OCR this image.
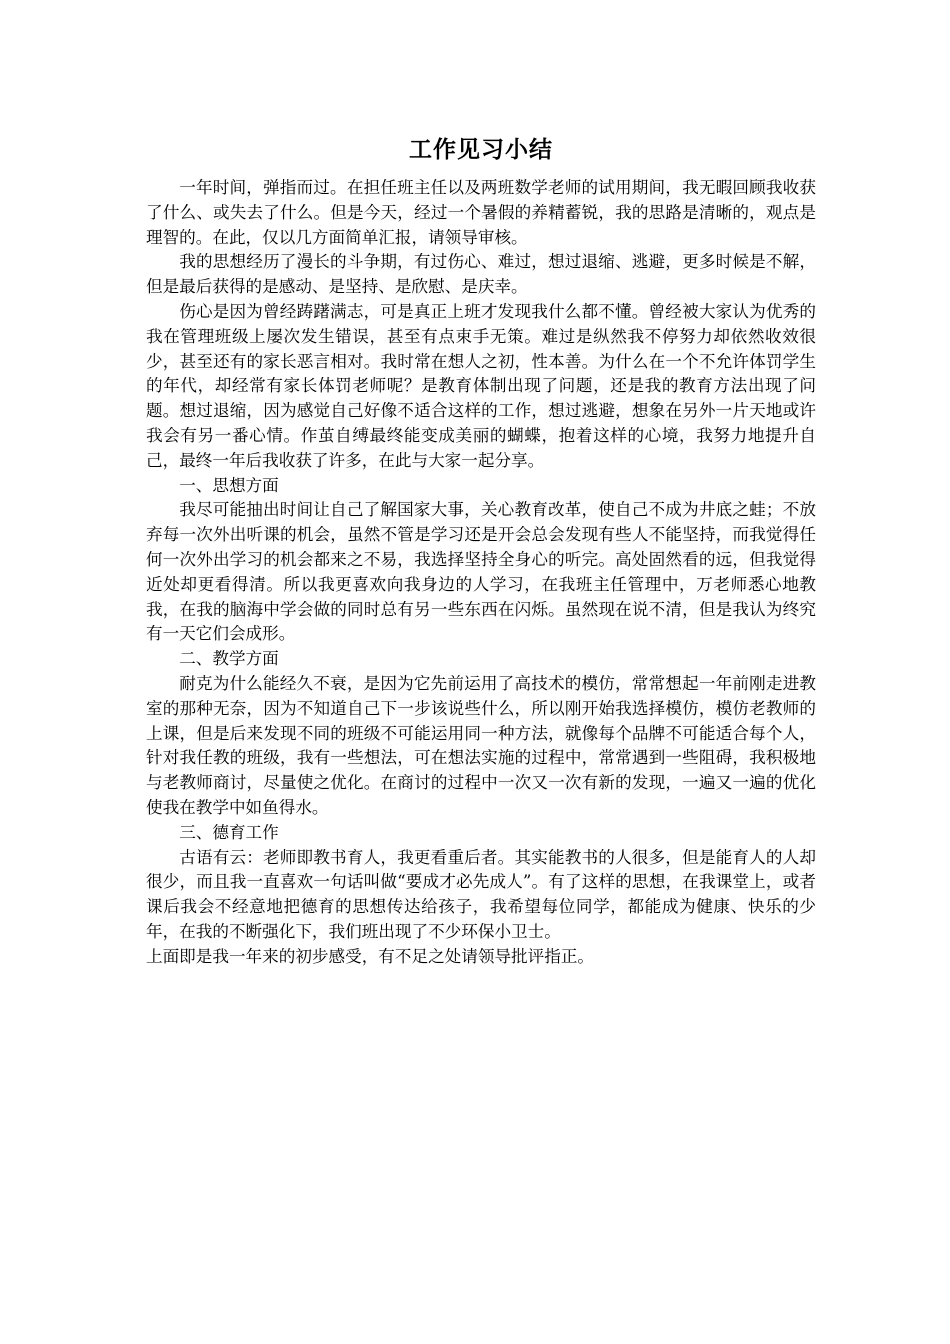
工作见习小结

一年时间，弹指而过。在担任班主任以及两班数学老师的试用期间，我无暇回顾我收获了什么、或失去了什么。但是今天，经过一个暑假的养精蓄锐，我的思路是清晰的，观点是理智的。在此，仅以几方面简单汇报，请领导审核。

我的思想经历了漫长的斗争期，有过伤心、难过，想过退缩、逃避，更多时候是不解，但是最后获得的是感动、是坚持、是欣慰、是庆幸。

伤心是因为曾经踌躇满志，可是真正上班才发现我什么都不懂。曾经被大家认为优秀的我在管理班级上屡次发生错误，甚至有点束手无策。难过是纵然我不停努力却依然收效很少，甚至还有的家长恶言相对。我时常在想人之初，性本善。为什么在一个不允许体罚学生的年代，却经常有家长体罚老师呢？是教育体制出现了问题，还是我的教育方法出现了问题。想过退缩，因为感觉自己好像不适合这样的工作，想过逃避，想象在另外一片天地或许我会有另一番心情。作茧自缚最终能变成美丽的蝴蝶，抱着这样的心境，我努力地提升自己，最终一年后我收获了许多，在此与大家一起分享。

一、思想方面

我尽可能抽出时间让自己了解国家大事，关心教育改革，使自己不成为井底之蛙；不放弃每一次外出听课的机会，虽然不管是学习还是开会总会发现有些人不能坚持，而我觉得任何一次外出学习的机会都来之不易，我选择坚持全身心的听完。高处固然看的远，但我觉得近处却更看得清。所以我更喜欢向我身边的人学习，在我班主任管理中，万老师悉心地教我，在我的脑海中学会做的同时总有另一些东西在闪烁。虽然现在说不清，但是我认为终究有一天它们会成形。

二、教学方面

耐克为什么能经久不衰，是因为它先前运用了高技术的模仿，常常想起一年前刚走进教室的那种无奈，因为不知道自己下一步该说些什么，所以刚开始我选择模仿，模仿老教师的上课，但是后来发现不同的班级不可能运用同一种方法，就像每个品牌不可能适合每个人，针对我任教的班级，我有一些想法，可在想法实施的过程中，常常遇到一些阻碍，我积极地与老教师商讨，尽量使之优化。在商讨的过程中一次又一次有新的发现，一遍又一遍的优化使我在教学中如鱼得水。

三、德育工作

古语有云：老师即教书育人，我更看重后者。其实能教书的人很多，但是能育人的人却很少，而且我一直喜欢一句话叫做“要成才必先成人”。有了这样的思想，在我课堂上，或者课后我会不经意地把德育的思想传达给孩子，我希望每位同学，都能成为健康、快乐的少年，在我的不断强化下，我们班出现了不少环保小卫士。

上面即是我一年来的初步感受，有不足之处请领导批评指正。
